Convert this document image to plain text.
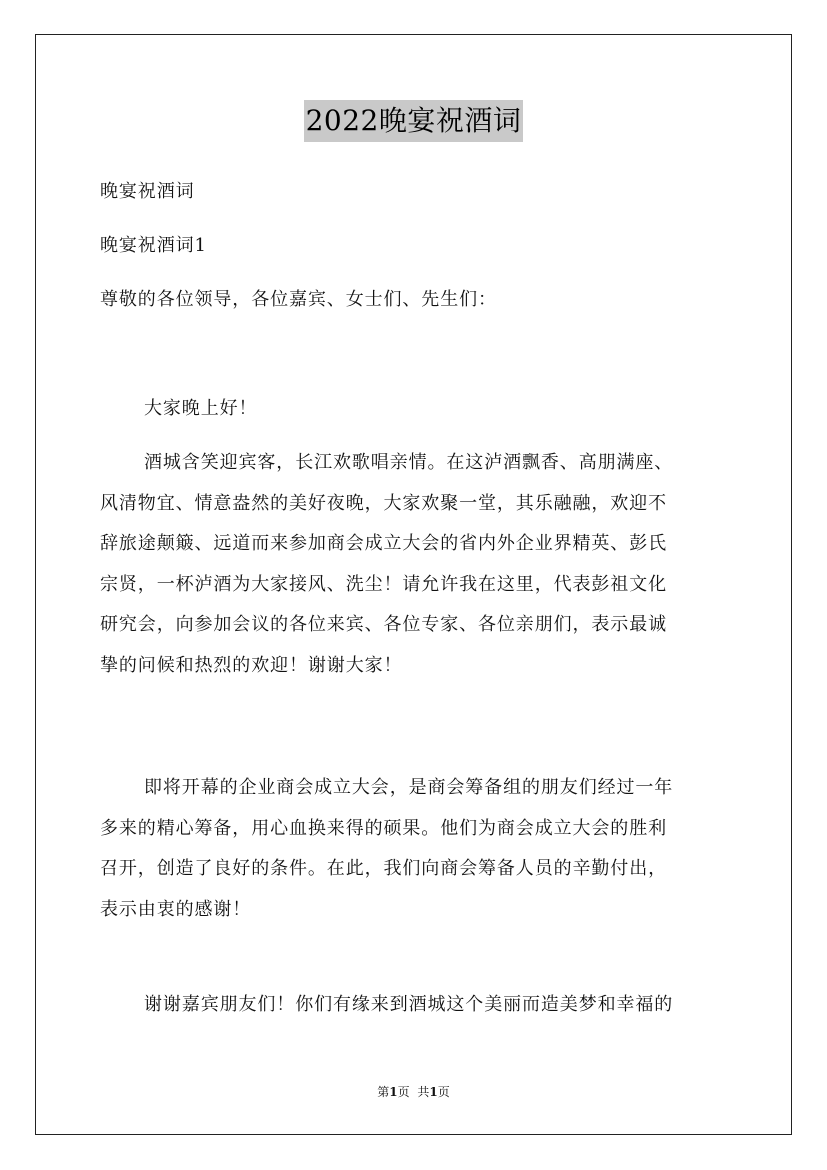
2022晚宴祝酒词

晚宴祝酒词

晚宴祝酒词1

尊敬的各位领导，各位嘉宾、女士们、先生们：

大家晚上好！

酒城含笑迎宾客，长江欢歌唱亲情。在这泸酒飘香、高朋满座、
风清物宜、情意盎然的美好夜晚，大家欢聚一堂，其乐融融，欢迎不
辞旅途颠簸、远道而来参加商会成立大会的省内外企业界精英、彭氏
宗贤，一杯泸酒为大家接风、洗尘！请允许我在这里，代表彭祖文化
研究会，向参加会议的各位来宾、各位专家、各位亲朋们，表示最诚
挚的问候和热烈的欢迎！谢谢大家！
即将开幕的企业商会成立大会，是商会筹备组的朋友们经过一年
多来的精心筹备，用心血换来得的硕果。他们为商会成立大会的胜利
召开，创造了良好的条件。在此，我们向商会筹备人员的辛勤付出，
表示由衷的感谢！
谢谢嘉宾朋友们！你们有缘来到酒城这个美丽而造美梦和幸福的
第1页 共1页
